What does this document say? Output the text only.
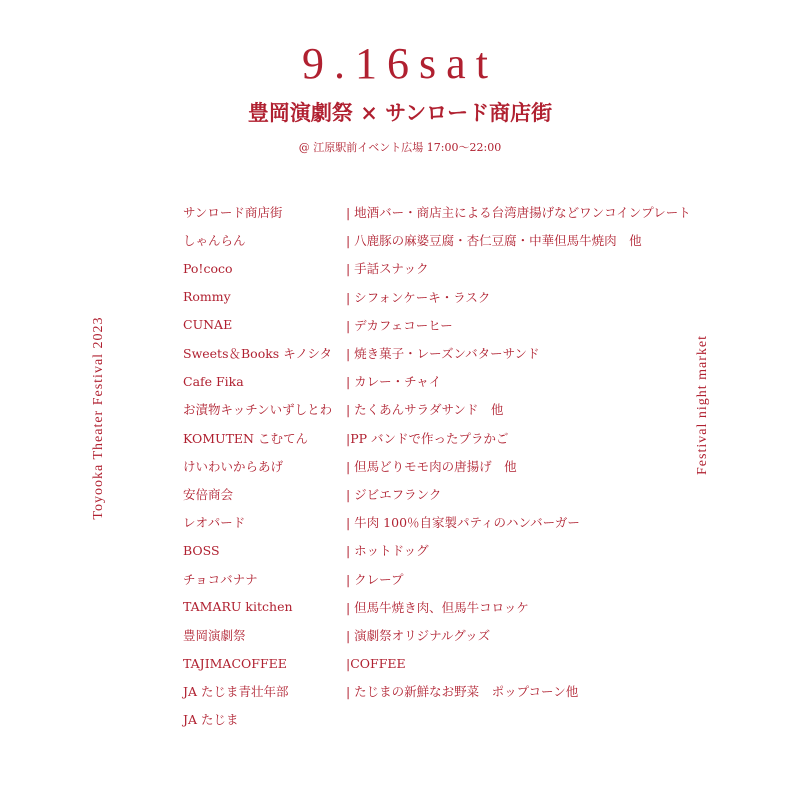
9.16sat
豊岡演劇祭 × サンロード商店街
@ 江原駅前イベント広場 17:00〜22:00
Toyooka Theater Festival 2023	Festival night market
サンロード商店街	| 地酒バー・商店主による台湾唐揚げなどワンコインプレート
しゃんらん	| 八鹿豚の麻婆豆腐・杏仁豆腐・中華但馬牛焼肉　他
Po!coco	| 手話スナック
Rommy	| シフォンケーキ・ラスク
CUNAE	| デカフェコーヒー
Sweets＆Books キノシタ	| 焼き菓子・レーズンバターサンド
Cafe Fika	| カレー・チャイ
お漬物キッチンいずしとわ	| たくあんサラダサンド　他
KOMUTEN こむてん	|PP バンドで作ったプラかご
けいわいからあげ	| 但馬どりモモ肉の唐揚げ　他
安倍商会	| ジビエフランク
レオパード	| 牛肉 100％自家製パティのハンバーガー
BOSS	| ホットドッグ
チョコバナナ	| クレープ
TAMARU kitchen	| 但馬牛焼き肉、但馬牛コロッケ
豊岡演劇祭	| 演劇祭オリジナルグッズ
TAJIMACOFFEE	|COFFEE
JA たじま青壮年部	| たじまの新鮮なお野菜　ポップコーン他
JA たじま
